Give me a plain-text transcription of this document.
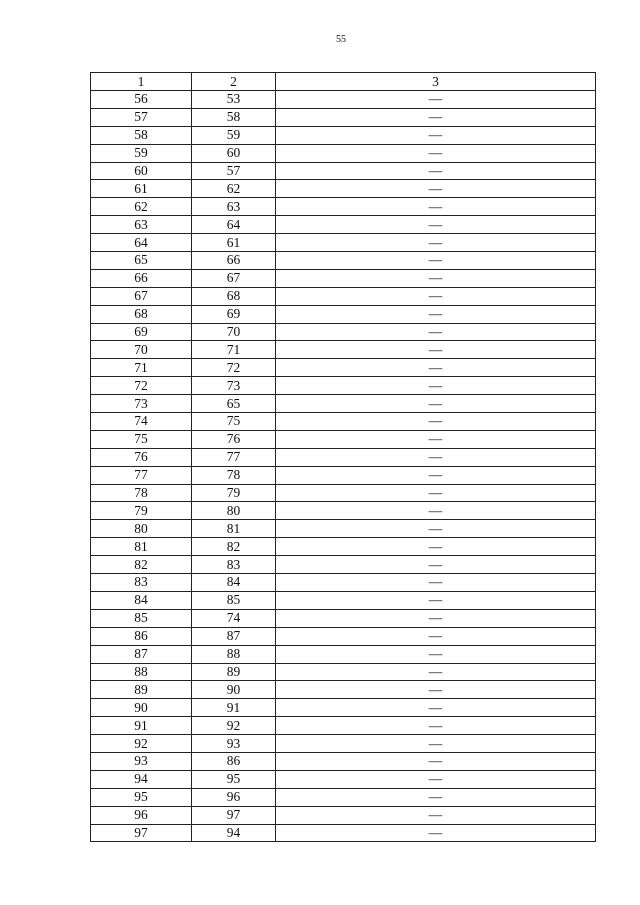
55
1	2	3
56	53	—
57	58	—
58	59	—
59	60	—
60	57	—
61	62	—
62	63	—
63	64	—
64	61	—
65	66	—
66	67	—
67	68	—
68	69	—
69	70	—
70	71	—
71	72	—
72	73	—
73	65	—
74	75	—
75	76	—
76	77	—
77	78	—
78	79	—
79	80	—
80	81	—
81	82	—
82	83	—
83	84	—
84	85	—
85	74	—
86	87	—
87	88	—
88	89	—
89	90	—
90	91	—
91	92	—
92	93	—
93	86	—
94	95	—
95	96	—
96	97	—
97	94	—
